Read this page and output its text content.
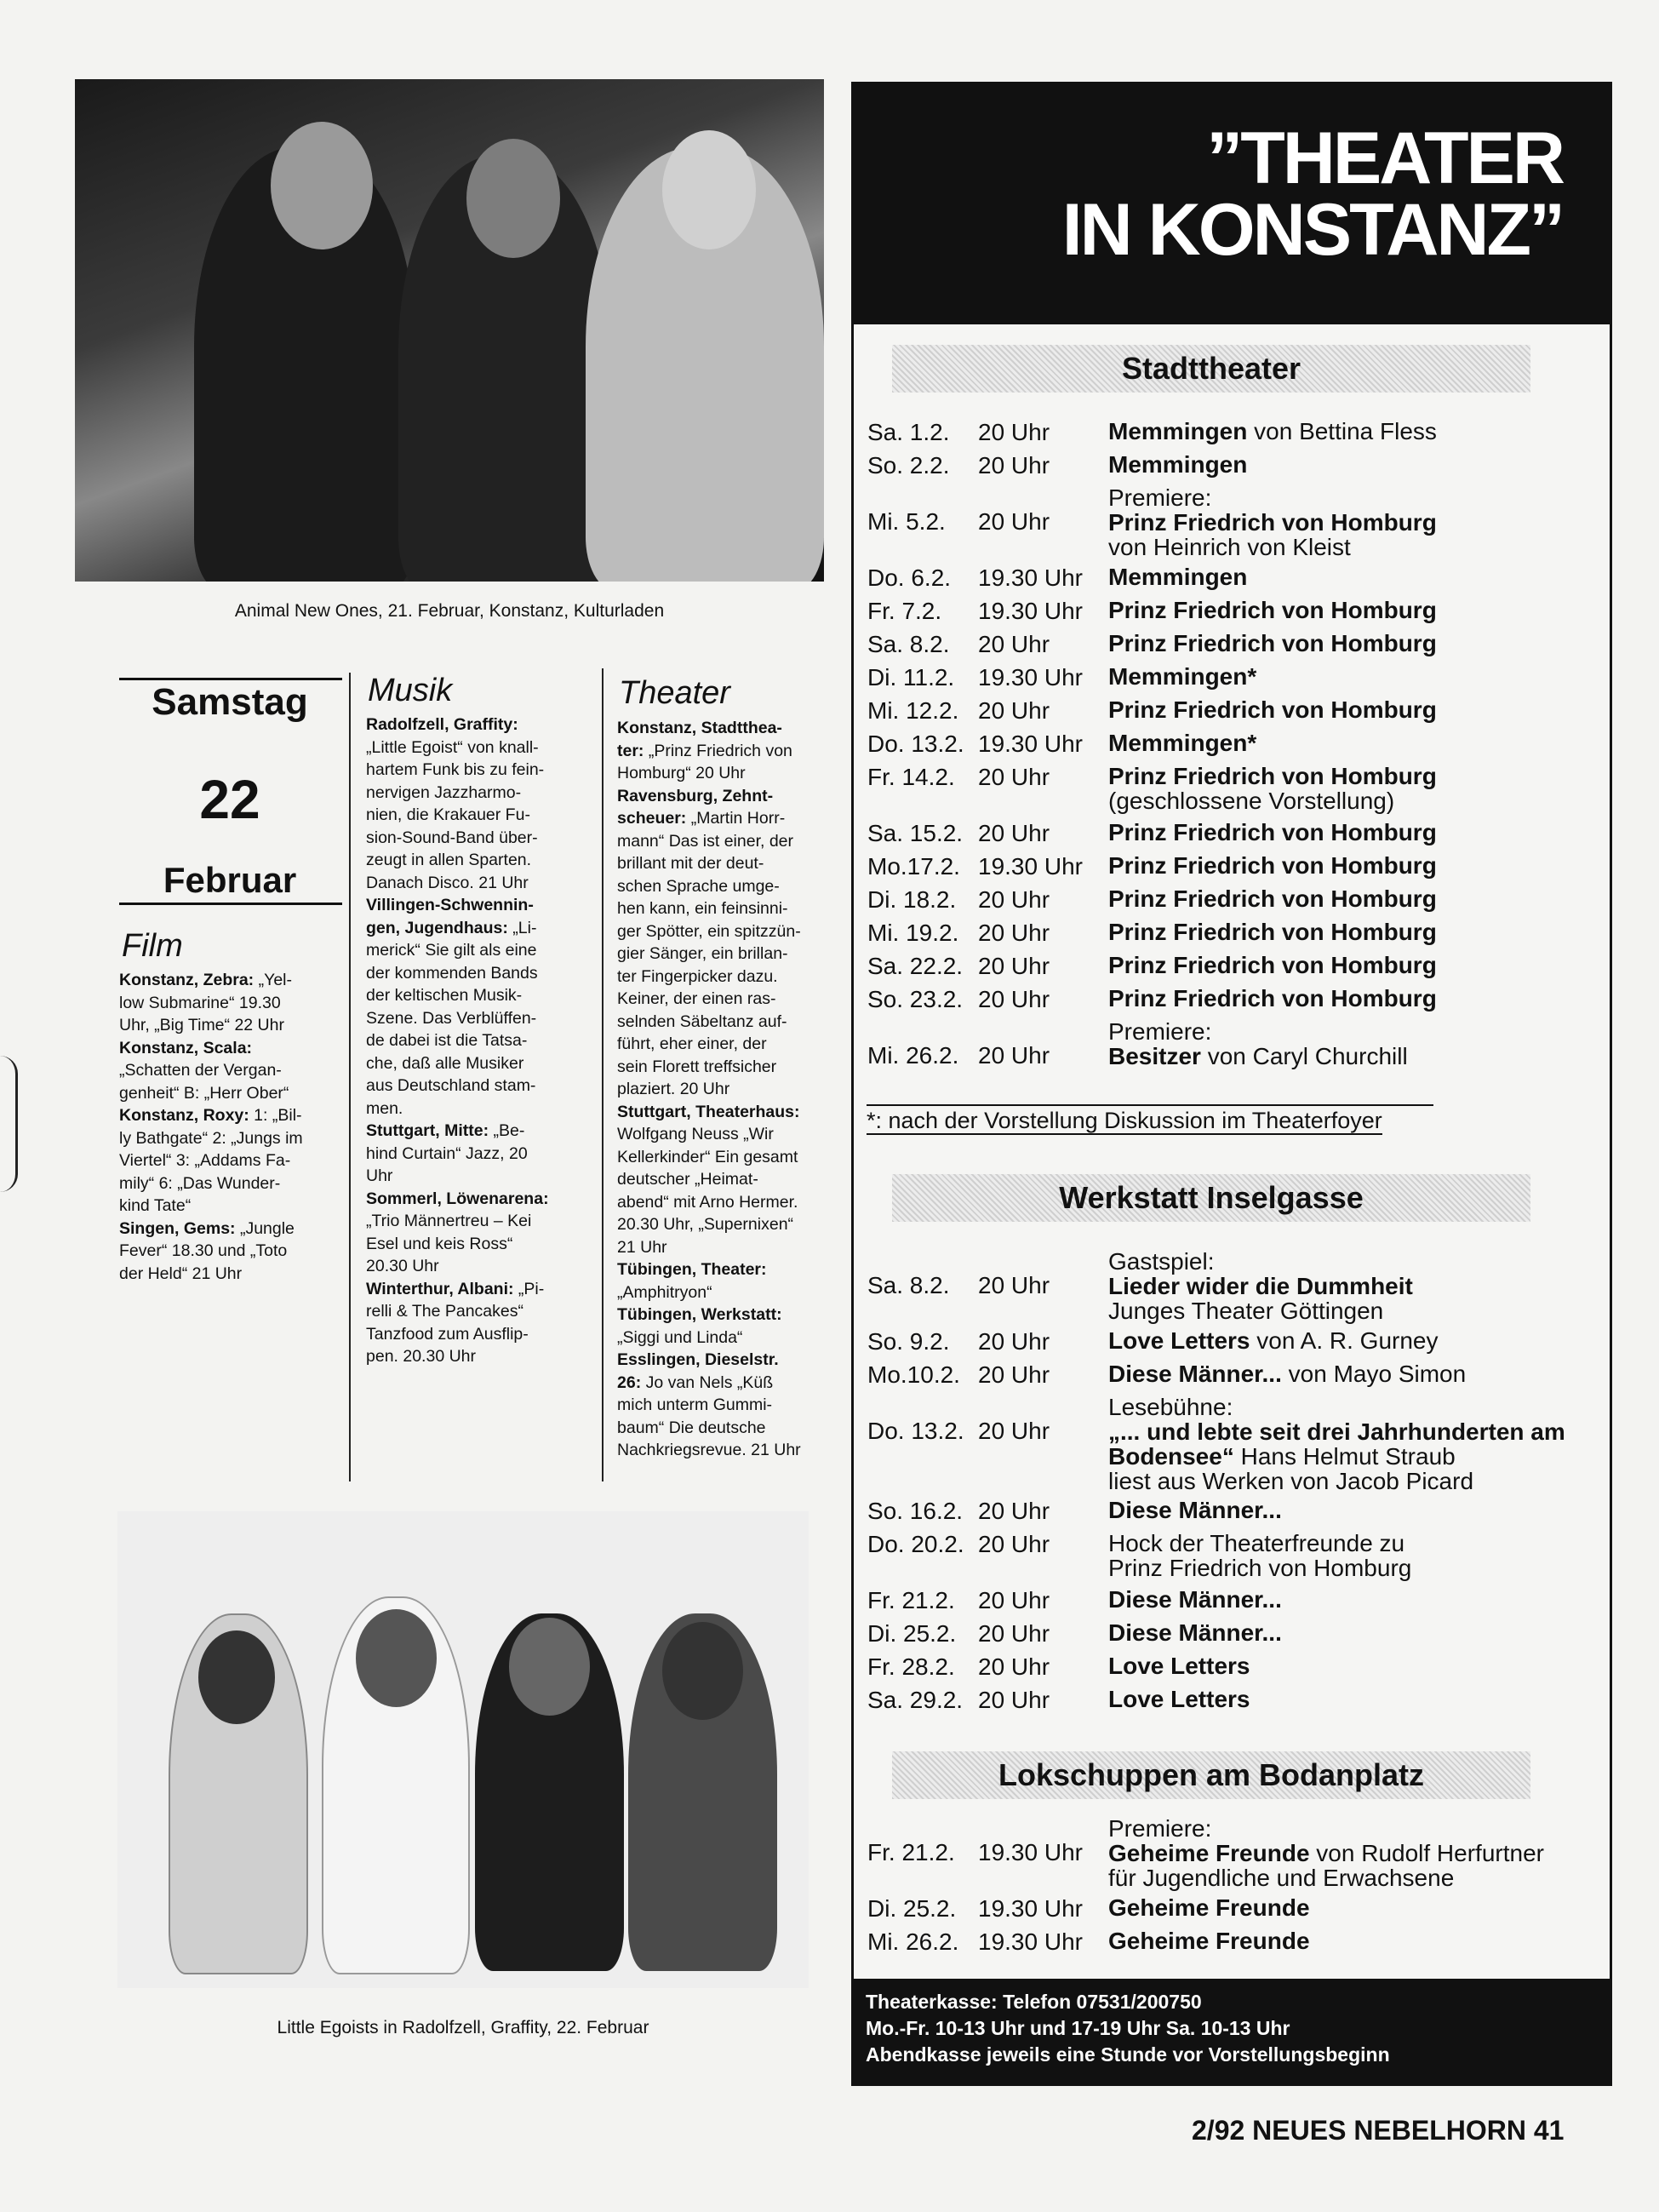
Animal New Ones, 21. Februar, Konstanz, Kulturladen
Samstag
22
Februar
Film
Konstanz, Zebra: „Yel-
low Submarine“ 19.30
Uhr, „Big Time“ 22 Uhr
Konstanz, Scala:
„Schatten der Vergan-
genheit“ B: „Herr Ober“
Konstanz, Roxy: 1: „Bil-
ly Bathgate“ 2: „Jungs im
Viertel“ 3: „Addams Fa-
mily“ 6: „Das Wunder-
kind Tate“
Singen, Gems: „Jungle
Fever“ 18.30 und „Toto
der Held“ 21 Uhr
Musik
Radolfzell, Graffity:
„Little Egoist“ von knall-
hartem Funk bis zu fein-
nervigen Jazzharmo-
nien, die Krakauer Fu-
sion-Sound-Band über-
zeugt in allen Sparten.
Danach Disco. 21 Uhr
Villingen-Schwennin-
gen, Jugendhaus: „Li-
merick“ Sie gilt als eine
der kommenden Bands
der keltischen Musik-
Szene. Das Verblüffen-
de dabei ist die Tatsa-
che, daß alle Musiker
aus Deutschland stam-
men.
Stuttgart, Mitte: „Be-
hind Curtain“ Jazz, 20
Uhr
Sommerl, Löwenarena:
„Trio Männertreu – Kei
Esel und keis Ross“
20.30 Uhr
Winterthur, Albani: „Pi-
relli & The Pancakes“
Tanzfood zum Ausflip-
pen. 20.30 Uhr
Theater
Konstanz, Stadtthea-
ter: „Prinz Friedrich von
Homburg“ 20 Uhr
Ravensburg, Zehnt-
scheuer: „Martin Horr-
mann“ Das ist einer, der
brillant mit der deut-
schen Sprache umge-
hen kann, ein feinsinni-
ger Spötter, ein spitzzün-
gier Sänger, ein brillan-
ter Fingerpicker dazu.
Keiner, der einen ras-
selnden Säbeltanz auf-
führt, eher einer, der
sein Florett treffsicher
plaziert. 20 Uhr
Stuttgart, Theaterhaus:
Wolfgang Neuss „Wir
Kellerkinder“ Ein gesamt
deutscher „Heimat-
abend“ mit Arno Hermer.
20.30 Uhr, „Supernixen“
21 Uhr
Tübingen, Theater:
„Amphitryon“
Tübingen, Werkstatt:
„Siggi und Linda“
Esslingen, Dieselstr.
26: Jo van Nels „Küß
mich unterm Gummi-
baum“ Die deutsche
Nachkriegsrevue. 21 Uhr
Little Egoists in Radolfzell, Graffity, 22. Februar
”THEATER
IN KONSTANZ”
Stadttheater
Sa. 1.2. 20 Uhr Memmingen von Bettina Fless
So. 2.2. 20 Uhr Memmingen
Mi. 5.2. 20 Uhr
Premiere:
Prinz Friedrich von Homburg
von Heinrich von Kleist
Do. 6.2. 19.30 Uhr Memmingen
Fr. 7.2. 19.30 Uhr Prinz Friedrich von Homburg
Sa. 8.2. 20 Uhr Prinz Friedrich von Homburg
Di. 11.2. 19.30 Uhr Memmingen*
Mi. 12.2. 20 Uhr Prinz Friedrich von Homburg
Do. 13.2. 19.30 Uhr Memmingen*
Fr. 14.2. 20 Uhr Prinz Friedrich von Homburg
(geschlossene Vorstellung)
Sa. 15.2. 20 Uhr Prinz Friedrich von Homburg
Mo.17.2. 19.30 Uhr Prinz Friedrich von Homburg
Di. 18.2. 20 Uhr Prinz Friedrich von Homburg
Mi. 19.2. 20 Uhr Prinz Friedrich von Homburg
Sa. 22.2. 20 Uhr Prinz Friedrich von Homburg
So. 23.2. 20 Uhr Prinz Friedrich von Homburg
Mi. 26.2. 20 Uhr
Premiere:
Besitzer von Caryl Churchill
*: nach der Vorstellung Diskussion im Theaterfoyer
Werkstatt Inselgasse
Sa. 8.2. 20 Uhr
Gastspiel:
Lieder wider die Dummheit
Junges Theater Göttingen
So. 9.2. 20 Uhr Love Letters von A. R. Gurney
Mo.10.2. 20 Uhr Diese Männer... von Mayo Simon
Do. 13.2. 20 Uhr
Lesebühne:
„... und lebte seit drei Jahrhunderten am Bodensee“ Hans Helmut Straub
liest aus Werken von Jacob Picard
So. 16.2. 20 Uhr Diese Männer...
Do. 20.2. 20 Uhr Hock der Theaterfreunde zu
Prinz Friedrich von Homburg
Fr. 21.2. 20 Uhr Diese Männer...
Di. 25.2. 20 Uhr Diese Männer...
Fr. 28.2. 20 Uhr Love Letters
Sa. 29.2. 20 Uhr Love Letters
Lokschuppen am Bodanplatz
Fr. 21.2. 19.30 Uhr
Premiere:
Geheime Freunde von Rudolf Herfurtner
für Jugendliche und Erwachsene
Di. 25.2. 19.30 Uhr Geheime Freunde
Mi. 26.2. 19.30 Uhr Geheime Freunde
Theaterkasse: Telefon 07531/200750
Mo.-Fr. 10-13 Uhr und 17-19 Uhr Sa. 10-13 Uhr
Abendkasse jeweils eine Stunde vor Vorstellungsbeginn
2/92 NEUES NEBELHORN 41
